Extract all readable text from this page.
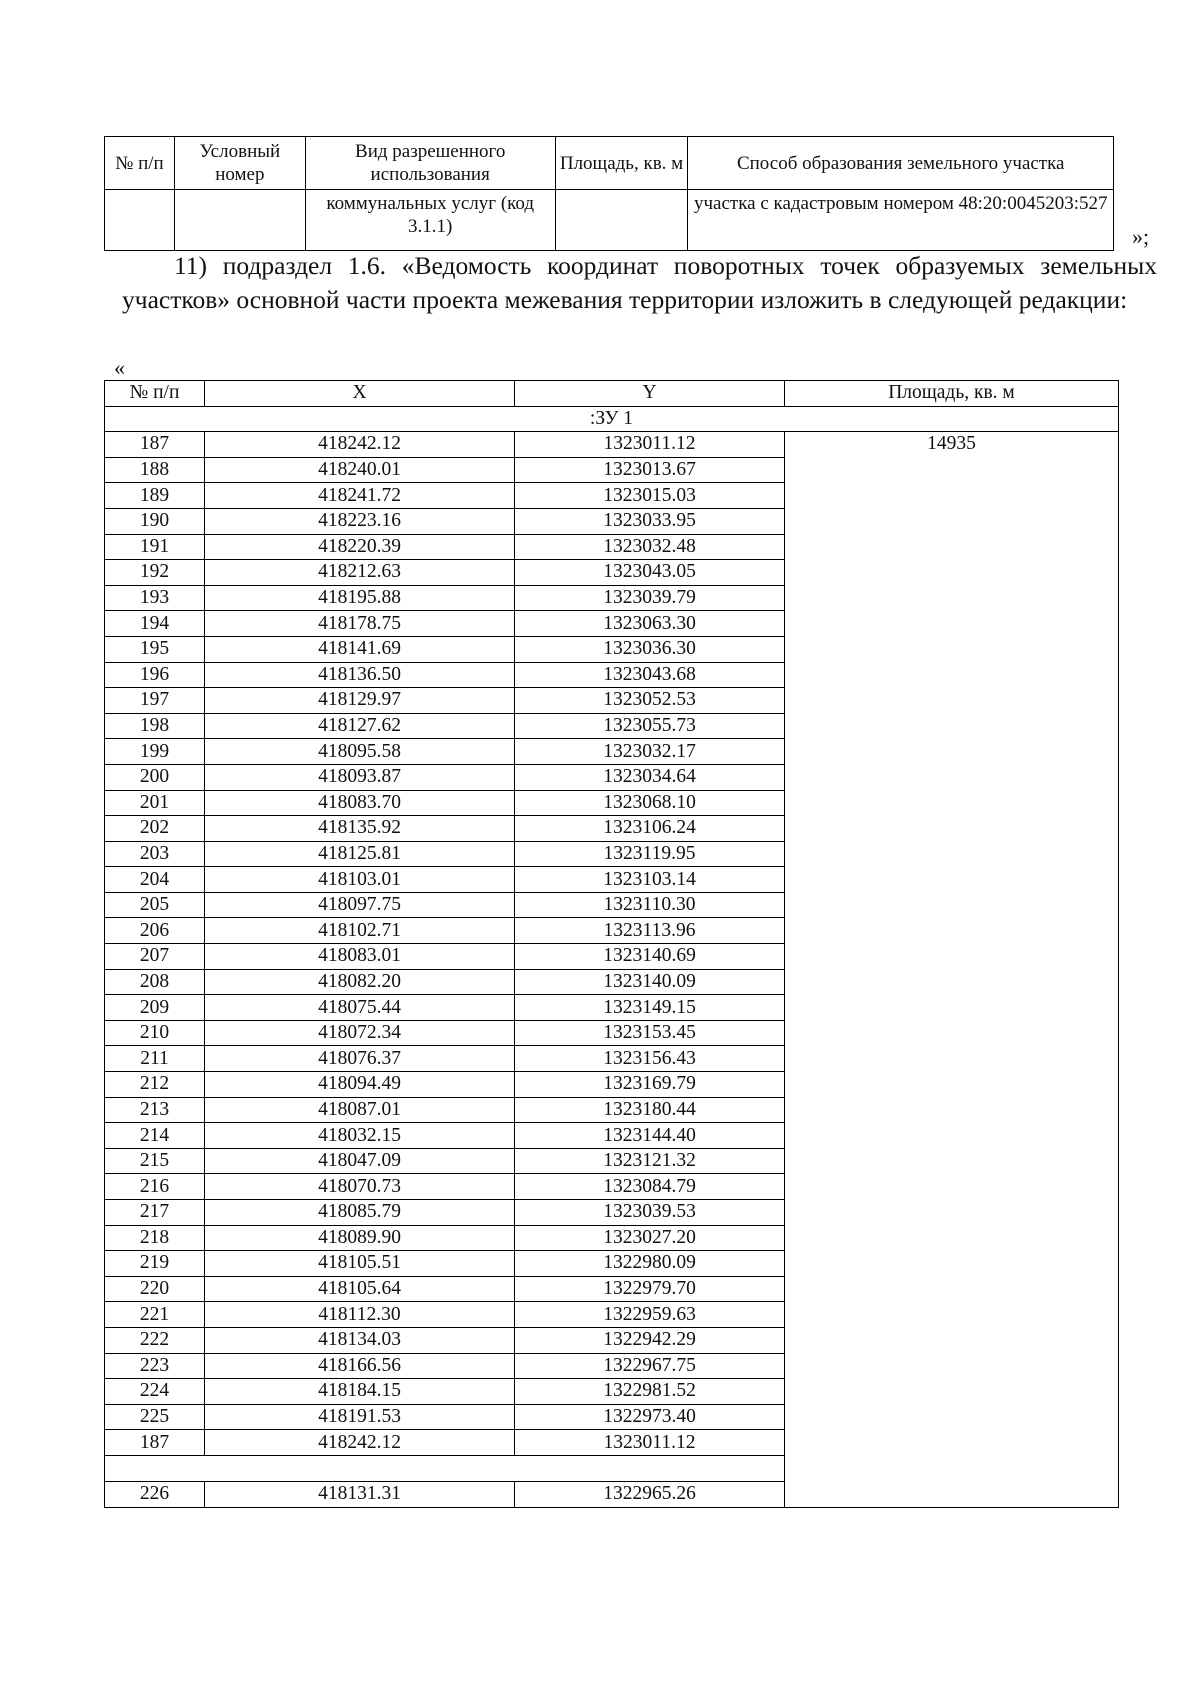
№ п/п	Условный номер	Вид разрешенного использования	Площадь, кв. м	Способ образования земельного участка
		коммунальных услуг (код 3.1.1)		участка с кадастровым номером 48:20:0045203:527
»;

11) подраздел 1.6. «Ведомость координат поворотных точек образуемых земельных участков» основной части проекта межевания территории изложить в следующей редакции:

«
№ п/п	X	Y	Площадь, кв. м
:ЗУ 1			
187	418242.12	1323011.12	14935
188	418240.01	1323013.67	
189	418241.72	1323015.03	
190	418223.16	1323033.95	
191	418220.39	1323032.48	
192	418212.63	1323043.05	
193	418195.88	1323039.79	
194	418178.75	1323063.30	
195	418141.69	1323036.30	
196	418136.50	1323043.68	
197	418129.97	1323052.53	
198	418127.62	1323055.73	
199	418095.58	1323032.17	
200	418093.87	1323034.64	
201	418083.70	1323068.10	
202	418135.92	1323106.24	
203	418125.81	1323119.95	
204	418103.01	1323103.14	
205	418097.75	1323110.30	
206	418102.71	1323113.96	
207	418083.01	1323140.69	
208	418082.20	1323140.09	
209	418075.44	1323149.15	
210	418072.34	1323153.45	
211	418076.37	1323156.43	
212	418094.49	1323169.79	
213	418087.01	1323180.44	
214	418032.15	1323144.40	
215	418047.09	1323121.32	
216	418070.73	1323084.79	
217	418085.79	1323039.53	
218	418089.90	1323027.20	
219	418105.51	1322980.09	
220	418105.64	1322979.70	
221	418112.30	1322959.63	
222	418134.03	1322942.29	
223	418166.56	1322967.75	
224	418184.15	1322981.52	
225	418191.53	1322973.40	
187	418242.12	1323011.12	

226	418131.31	1322965.26	
